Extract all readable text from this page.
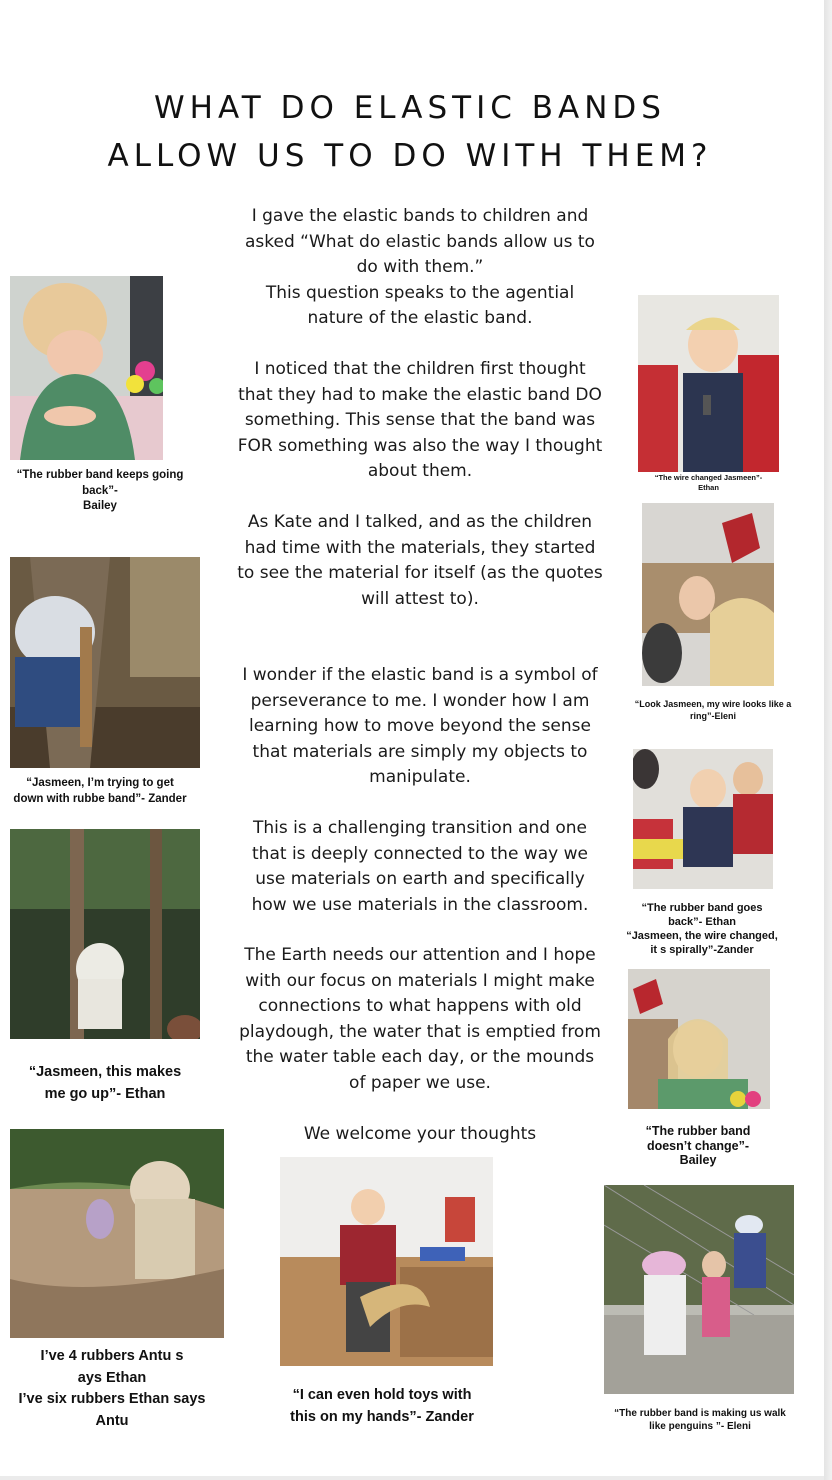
WHAT DO ELASTIC BANDS
ALLOW US TO DO WITH THEM?
I gave the elastic bands to children and
asked “What do elastic bands allow us to
do with them.”
This question speaks to the agential
nature of the elastic band.
I noticed that the children first thought
that they had to make the elastic band DO
something. This sense that the band was
FOR something was also the way I thought
about them.
As Kate and I talked, and as the children
had time with the materials, they started
to see the material for itself (as the quotes
will attest to).
I wonder if the elastic band is a symbol of
perseverance to me. I wonder how I am
learning how to move beyond the sense
that materials are simply my objects to
manipulate.
This is a challenging transition and one
that is deeply connected to the way we
use materials on earth and specifically
how we use materials in the classroom.
The Earth needs our attention and I hope
with our focus on materials I might make
connections to what happens with old
playdough, the water that is emptied from
the water table each day, or the mounds
of paper we use.
We welcome your thoughts
“The rubber band keeps going
back”-
Bailey
“Jasmeen, I’m trying to get
down with rubbe band”- Zander
“Jasmeen, this makes
me go up”- Ethan
I’ve 4 rubbers Antu s
ays Ethan
I’ve six rubbers Ethan says
Antu
“I can even hold toys with
this on my hands”- Zander
“The wire changed Jasmeen”-
Ethan
“Look Jasmeen, my wire looks like a
ring”-Eleni
“The rubber band goes
back”- Ethan
“Jasmeen, the wire changed,
it s spirally”-Zander
“The rubber band
doesn’t change”-
Bailey
“The rubber band is making us walk
like penguins ”- Eleni
